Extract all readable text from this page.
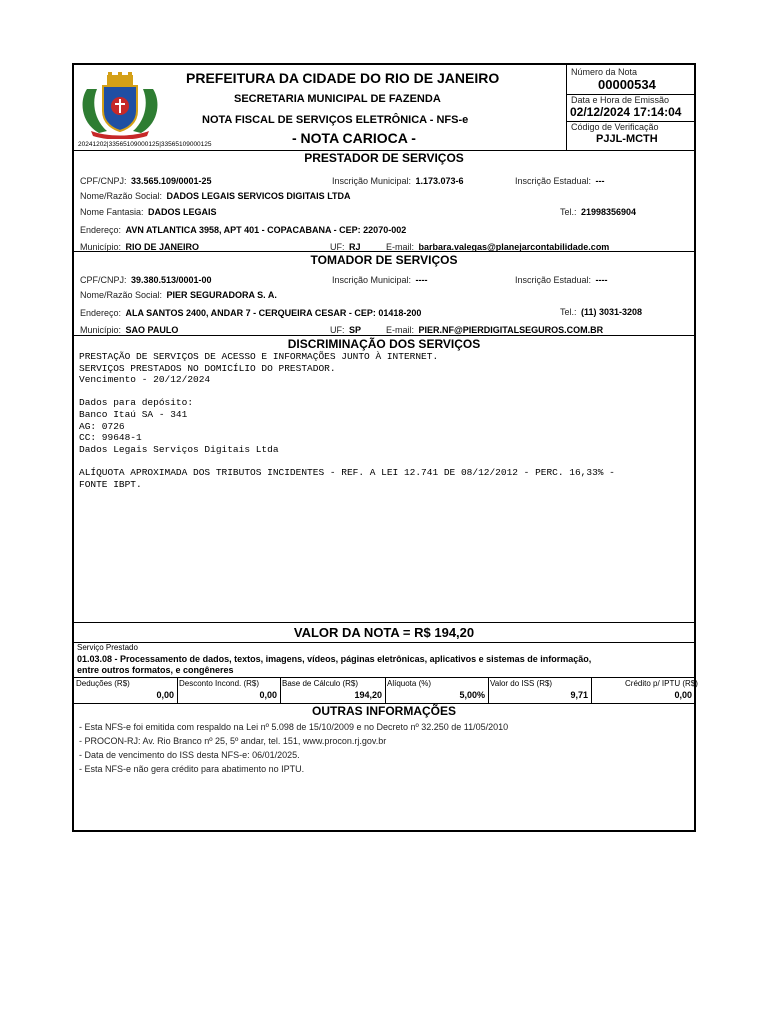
PREFEITURA DA CIDADE DO RIO DE JANEIRO
SECRETARIA MUNICIPAL DE FAZENDA
NOTA FISCAL DE SERVIÇOS ELETRÔNICA - NFS-e
- NOTA CARIOCA -
20241202|33565109000125|33565109000125
Número da Nota
00000534
Data e Hora de Emissão
02/12/2024 17:14:04
Código de Verificação
PJJL-MCTH
PRESTADOR DE SERVIÇOS
CPF/CNPJ: 33.565.109/0001-25	Inscrição Municipal: 1.173.073-6	Inscrição Estadual: ---
Nome/Razão Social: DADOS LEGAIS SERVICOS DIGITAIS LTDA
Nome Fantasia: DADOS LEGAIS	Tel.: 21998356904
Endereço: AVN ATLANTICA 3958, APT 401 - COPACABANA - CEP: 22070-002
Município: RIO DE JANEIRO	UF: RJ	E-mail: barbara.valegas@planejarcontabilidade.com
TOMADOR DE SERVIÇOS
CPF/CNPJ: 39.380.513/0001-00	Inscrição Municipal: ----	Inscrição Estadual: ----
Nome/Razão Social: PIER SEGURADORA S. A.
Endereço: ALA SANTOS 2400, ANDAR 7 - CERQUEIRA CESAR - CEP: 01418-200	Tel.: (11) 3031-3208
Município: SAO PAULO	UF: SP	E-mail: PIER.NF@PIERDIGITALSEGUROS.COM.BR
DISCRIMINAÇÃO DOS SERVIÇOS
PRESTAÇÃO DE SERVIÇOS DE ACESSO E INFORMAÇÕES JUNTO À INTERNET.
SERVIÇOS PRESTADOS NO DOMICÍLIO DO PRESTADOR.
Vencimento - 20/12/2024
Dados para depósito:
Banco Itaú SA - 341
AG: 0726
CC: 99648-1
Dados Legais Serviços Digitais Ltda
ALÍQUOTA APROXIMADA DOS TRIBUTOS INCIDENTES - REF. A LEI 12.741 DE 08/12/2012 - PERC. 16,33% -
FONTE IBPT.
VALOR DA NOTA = R$ 194,20
Serviço Prestado
01.03.08 - Processamento de dados, textos, imagens, vídeos, páginas eletrônicas, aplicativos e sistemas de informação,
entre outros formatos, e congêneres
Deduções (R$)
0,00
Desconto Incond. (R$)
0,00
Base de Cálculo (R$)
194,20
Alíquota (%)
5,00%
Valor do ISS (R$)
9,71
Crédito p/ IPTU (R$)
0,00
OUTRAS INFORMAÇÕES
- Esta NFS-e foi emitida com respaldo na Lei nº 5.098 de 15/10/2009 e no Decreto nº 32.250 de 11/05/2010
- PROCON-RJ: Av. Rio Branco nº 25, 5º andar, tel. 151, www.procon.rj.gov.br
- Data de vencimento do ISS desta NFS-e: 06/01/2025.
- Esta NFS-e não gera crédito para abatimento no IPTU.
